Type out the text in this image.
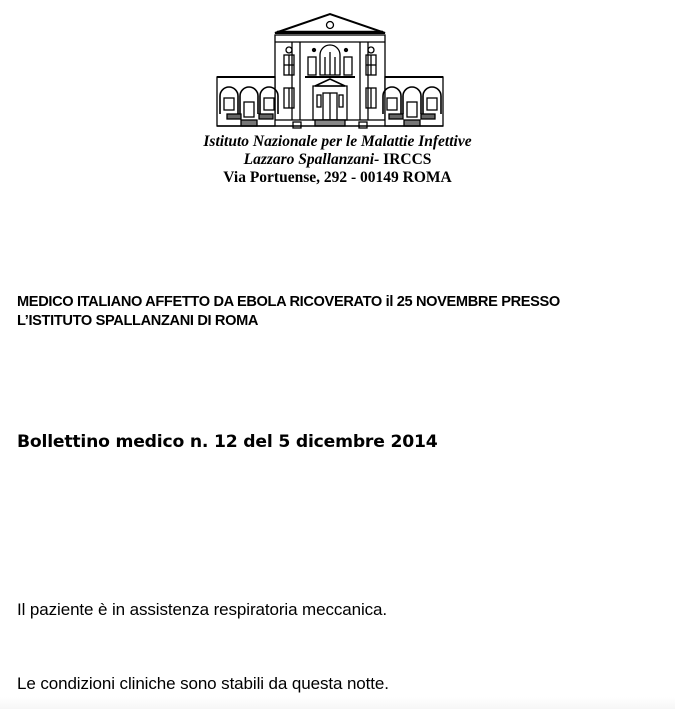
Istituto Nazionale per le Malattie Infettive
Lazzaro Spallanzani- IRCCS
Via Portuense, 292 - 00149 ROMA
MEDICO ITALIANO AFFETTO DA EBOLA RICOVERATO il 25 NOVEMBRE PRESSO
L’ISTITUTO SPALLANZANI DI ROMA
Bollettino medico n. 12 del 5 dicembre 2014
Il paziente è in assistenza respiratoria meccanica.
Le condizioni cliniche sono stabili da questa notte.
